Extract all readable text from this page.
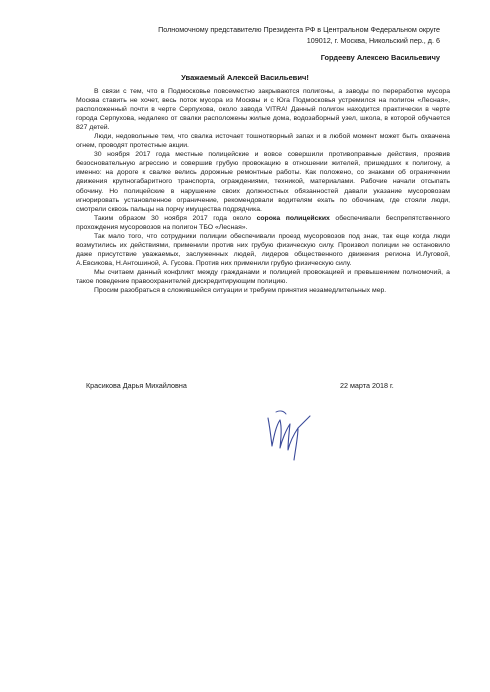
Полномочному представителю Президента РФ в Центральном Федеральном округе
109012, г. Москва, Никольский пер., д. 6
Гордееву Алексею Васильевичу
Уважаемый Алексей Васильевич!

В связи с тем, что в Подмосковье повсеместно закрываются полигоны, а заводы по переработке мусора Москва ставить не хочет, весь поток мусора из Москвы и с Юга Подмосковья устремился на полигон «Лесная», расположенный почти в черте Серпухова, около завода VITRA! Данный полигон находится практически в черте города Серпухова, недалеко от свалки расположены жилые дома, водозаборный узел, школа, в которой обучается 827 детей.

Люди, недовольные тем, что свалка источает тошнотворный запах и в любой момент может быть охвачена огнем, проводят протестные акции.

30 ноября 2017 года местные полицейские и вовсе совершили противоправные действия, проявив безосновательную агрессию и совершив грубую провокацию в отношении жителей, пришедших к полигону, а именно: на дороге к свалке велись дорожные ремонтные работы. Как положено, со знаками об ограничении движения крупногабаритного транспорта, ограждениями, техникой, материалами. Рабочие начали отсыпать обочину. Но полицейские в нарушение своих должностных обязанностей давали указание мусоровозам игнорировать установленное ограничение, рекомендовали водителям ехать по обочинам, где стояли люди, смотрели сквозь пальцы на порчу имущества подрядчика.

Таким образом 30 ноября 2017 года около сорока полицейских обеспечивали беспрепятственного прохождения мусоровозов на полигон ТБО «Лесная».

Так мало того, что сотрудники полиции обеспечивали проезд мусоровозов под знак, так еще когда люди возмутились их действиями, применили против них грубую физическую силу. Произвол полиции не остановило даже присутствие уважаемых, заслуженных людей, лидеров общественного движения региона И.Луговой, А.Евсикова, Н.Антошиной, А. Гусова. Против них применили грубую физическую силу.

Мы считаем данный конфликт между гражданами и полицией провокацией и превышением полномочий, а такое поведение правоохранителей дискредитирующим полицию.

Просим разобраться в сложившейся ситуации и требуем принятия незамедлительных мер.

Красикова Дарья Михайловна	22 марта 2018 г.
